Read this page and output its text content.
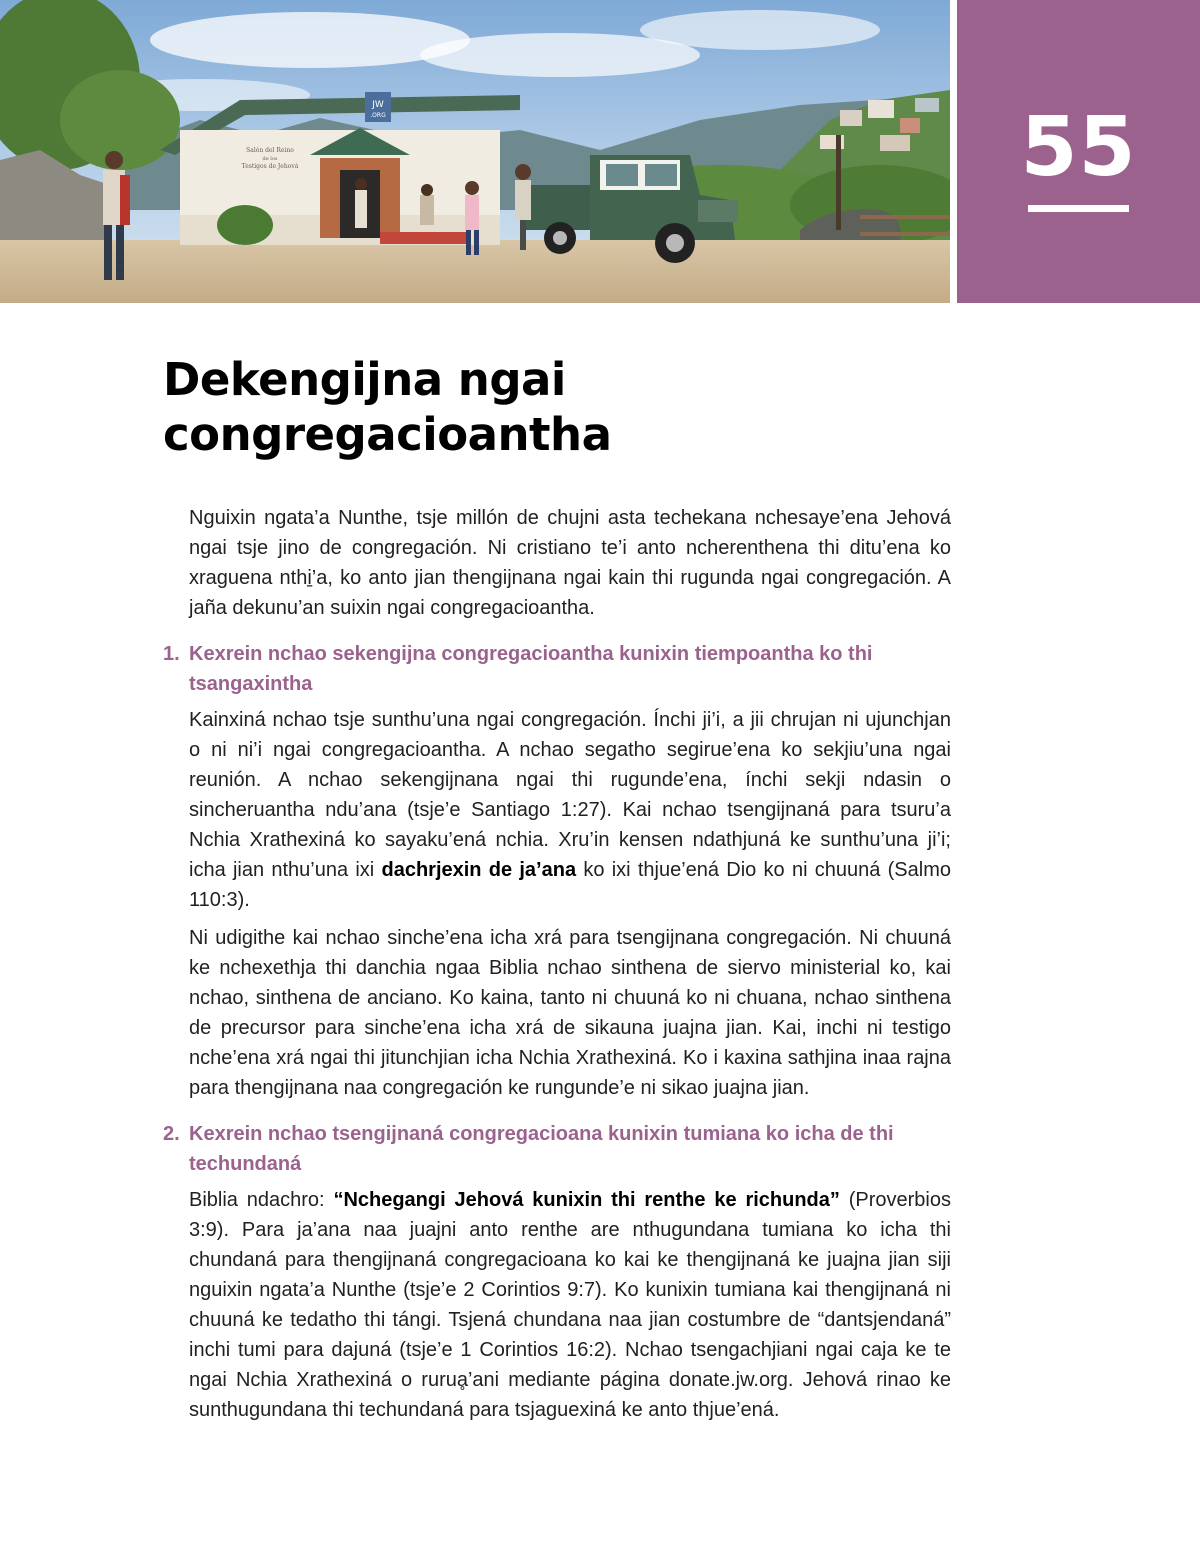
JW
.ORG
Salón del Reino
de los
Testigos de Jehová	55
Dekengijna ngai congregacioantha

Nguixin ngata’a Nunthe, tsje millón de chujni asta techekana nchesaye’ena Jehová ngai tsje jino de congregación. Ni cristiano te’i anto ncherenthena thi ditu’ena ko xraguena nthi̱’a, ko anto jian thengijnana ngai kain thi rugunda ngai congregación. A jaña dekunu’an suixin ngai congregacioantha.

1. Kexrein nchao sekengijna congregacioantha kunixin tiempoantha ko thi tsangaxintha

Kainxiná nchao tsje sunthu’una ngai congregación. Ínchi ji’i, a jii chrujan ni ujunchjan o ni ni’i ngai congregacioantha. A nchao segatho segirue’ena ko sekjiu’una ngai reunión. A nchao sekengijnana ngai thi rugunde’ena, ínchi sekji ndasin o sincheruantha ndu’ana (tsje’e Santiago 1:27). Kai nchao tsengijnaná para tsuru’a Nchia Xrathexiná ko sayaku’ená nchia. Xru’in kensen ndathjuná ke sunthu’una ji’i; icha jian nthu’una ixi dachrjexin de ja’ana ko ixi thjue’ená Dio ko ni chuuná (Salmo 110:3).

Ni udigithe kai nchao sinche’ena icha xrá para tsengijnana congregación. Ni chuuná ke nchexethja thi danchia ngaa Biblia nchao sinthena de siervo ministerial ko, kai nchao, sinthena de anciano. Ko kaina, tanto ni chuuná ko ni chuana, nchao sinthena de precursor para sinche’ena icha xrá de sikauna juajna jian. Kai, inchi ni testigo nche’ena xrá ngai thi jitunchjian icha Nchia Xrathexiná. Ko i kaxina sathjina inaa rajna para thengijnana naa congregación ke rungunde’e ni sikao juajna jian.

2. Kexrein nchao tsengijnaná congregacioana kunixin tumiana ko icha de thi techundaná

Biblia ndachro: “Nchegangi Jehová kunixin thi renthe ke richunda” (Proverbios 3:9). Para ja’ana naa juajni anto renthe are nthugundana tumiana ko icha thi chundaná para thengijnaná congregacioana ko kai ke thengijnaná ke juajna jian siji nguixin ngata’a Nunthe (tsje’e 2 Corintios 9:7). Ko kunixin tumiana kai thengijnaná ni chuuná ke tedatho thi tángi. Tsjená chundana naa jian costumbre de “dantsjendaná” inchi tumi para dajuná (tsje’e 1 Corintios 16:2). Nchao tsengachjiani ngai caja ke te ngai Nchia Xrathexiná o ruruḁ’ani mediante página donate.jw.org. Jehová rinao ke sunthugundana thi techundaná para tsjaguexiná ke anto thjue’ená.
